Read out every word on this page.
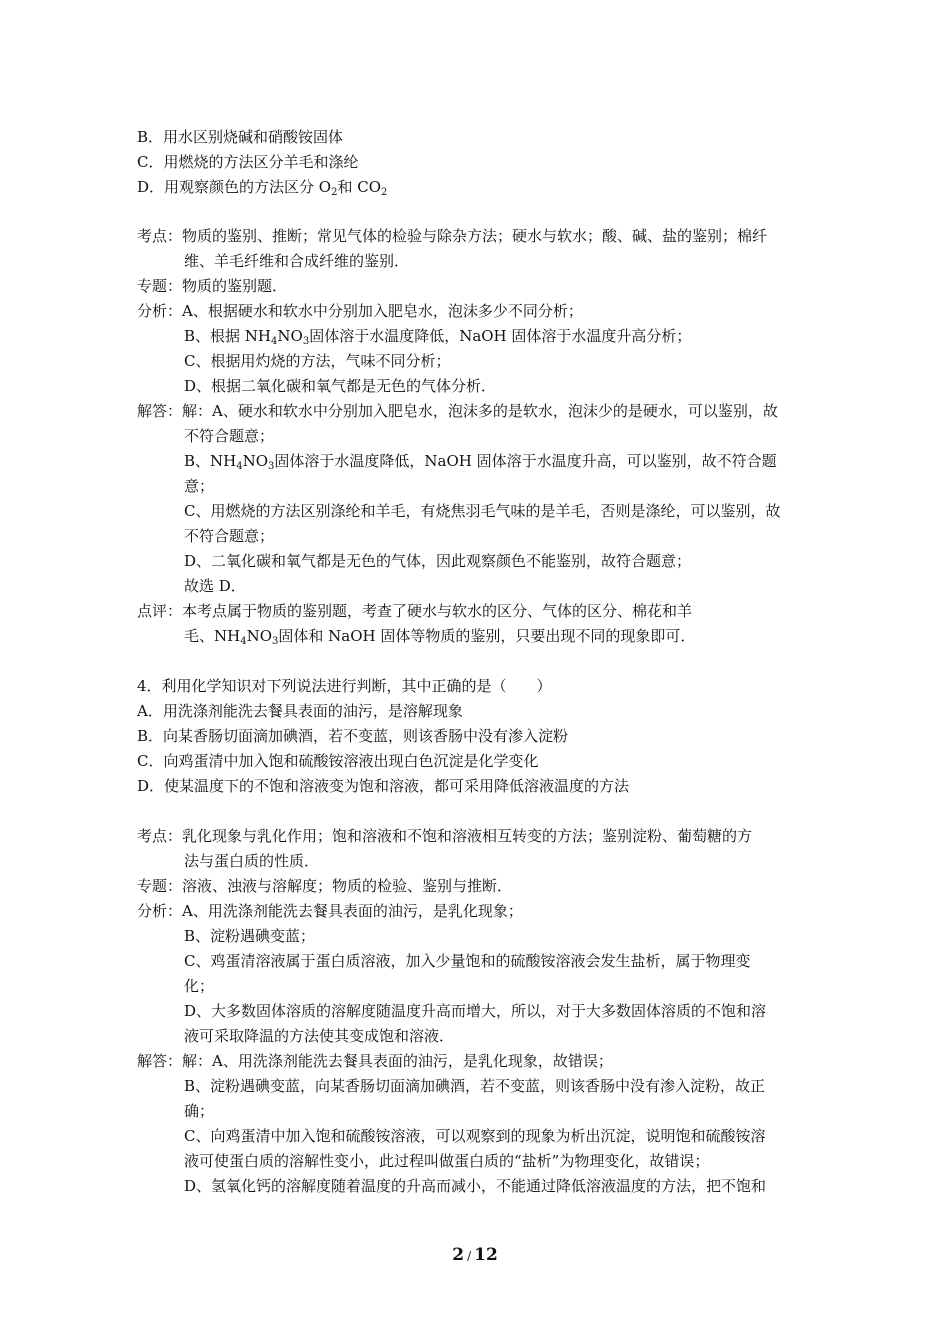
B．用水区别烧碱和硝酸铵固体
C．用燃烧的方法区分羊毛和涤纶
D．用观察颜色的方法区分 $O_2$和 $CO_2$
考点：物质的鉴别、推断；常见气体的检验与除杂方法；硬水与软水；酸、碱、盐的鉴别；棉纤
维、羊毛纤维和合成纤维的鉴别．
专题：物质的鉴别题．
分析：A、根据硬水和软水中分别加入肥皂水，泡沫多少不同分析；
B、根据 $NH_4NO_3$固体溶于水温度降低，NaOH 固体溶于水温度升高分析；
C、根据用灼烧的方法，气味不同分析；
D、根据二氧化碳和氧气都是无色的气体分析．
解答：解：A、硬水和软水中分别加入肥皂水，泡沫多的是软水，泡沫少的是硬水，可以鉴别，故
不符合题意；
B、$NH_4NO_3$固体溶于水温度降低，NaOH 固体溶于水温度升高，可以鉴别，故不符合题
意；
C、用燃烧的方法区别涤纶和羊毛，有烧焦羽毛气味的是羊毛，否则是涤纶，可以鉴别，故
不符合题意；
D、二氧化碳和氧气都是无色的气体，因此观察颜色不能鉴别，故符合题意；
故选 D．
点评：本考点属于物质的鉴别题，考查了硬水与软水的区分、气体的区分、棉花和羊
毛、$NH_4NO_3$固体和 NaOH 固体等物质的鉴别，只要出现不同的现象即可．
4．利用化学知识对下列说法进行判断，其中正确的是（　　）
A．用洗涤剂能洗去餐具表面的油污，是溶解现象
B．向某香肠切面滴加碘酒，若不变蓝，则该香肠中没有渗入淀粉
C．向鸡蛋清中加入饱和硫酸铵溶液出现白色沉淀是化学变化
D．使某温度下的不饱和溶液变为饱和溶液，都可采用降低溶液温度的方法
考点：乳化现象与乳化作用；饱和溶液和不饱和溶液相互转变的方法；鉴别淀粉、葡萄糖的方
法与蛋白质的性质．
专题：溶液、浊液与溶解度；物质的检验、鉴别与推断．
分析：A、用洗涤剂能洗去餐具表面的油污，是乳化现象；
B、淀粉遇碘变蓝；
C、鸡蛋清溶液属于蛋白质溶液，加入少量饱和的硫酸铵溶液会发生盐析，属于物理变
化；
D、大多数固体溶质的溶解度随温度升高而增大，所以，对于大多数固体溶质的不饱和溶
液可采取降温的方法使其变成饱和溶液．
解答：解：A、用洗涤剂能洗去餐具表面的油污，是乳化现象，故错误；
B、淀粉遇碘变蓝，向某香肠切面滴加碘酒，若不变蓝，则该香肠中没有渗入淀粉，故正
确；
C、向鸡蛋清中加入饱和硫酸铵溶液，可以观察到的现象为析出沉淀，说明饱和硫酸铵溶
液可使蛋白质的溶解性变小，此过程叫做蛋白质的“盐析”为物理变化，故错误；
D、氢氧化钙的溶解度随着温度的升高而减小，不能通过降低溶液温度的方法，把不饱和
2 / 12
